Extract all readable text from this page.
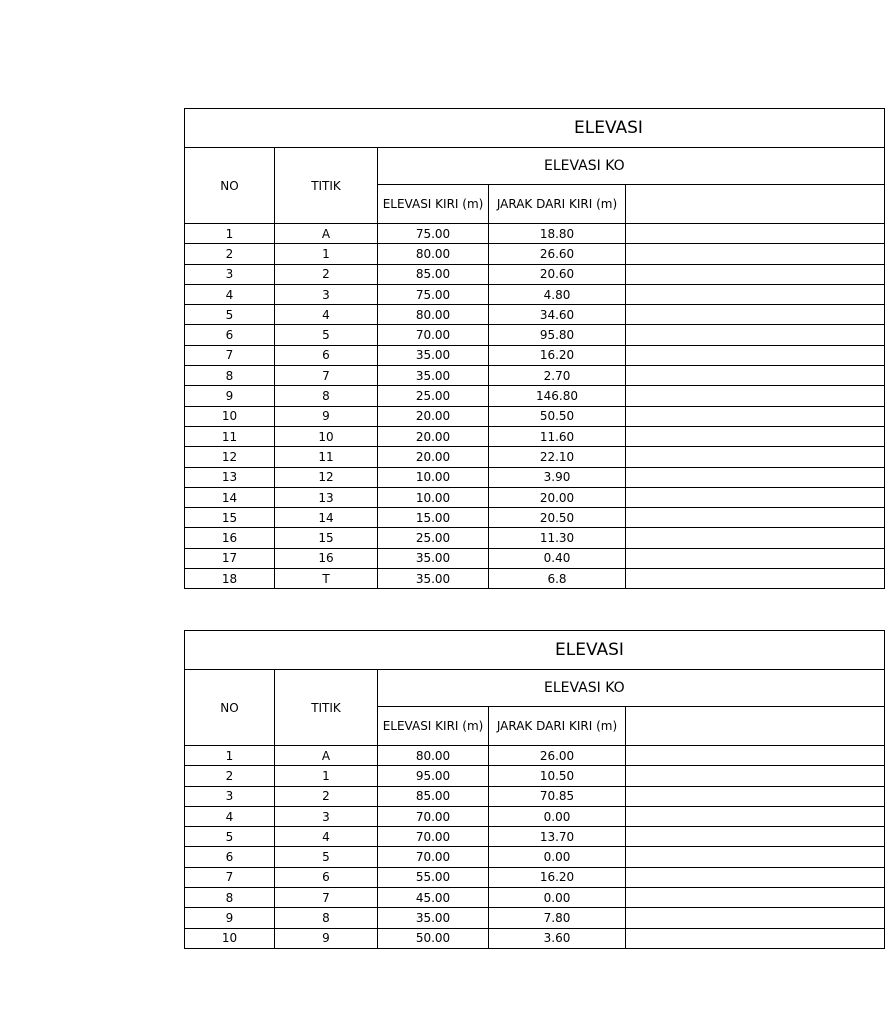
ELEVASI				
NO	TITIK	ELEVASI KO		
		ELEVASI KIRI (m)	JARAK DARI KIRI (m)	
1	A	75.00	18.80	
2	1	80.00	26.60	
3	2	85.00	20.60	
4	3	75.00	4.80	
5	4	80.00	34.60	
6	5	70.00	95.80	
7	6	35.00	16.20	
8	7	35.00	2.70	
9	8	25.00	146.80	
10	9	20.00	50.50	
11	10	20.00	11.60	
12	11	20.00	22.10	
13	12	10.00	3.90	
14	13	10.00	20.00	
15	14	15.00	20.50	
16	15	25.00	11.30	
17	16	35.00	0.40	
18	T	35.00	6.8	
ELEVASI				
NO	TITIK	ELEVASI KO		
		ELEVASI KIRI (m)	JARAK DARI KIRI (m)	
1	A	80.00	26.00	
2	1	95.00	10.50	
3	2	85.00	70.85	
4	3	70.00	0.00	
5	4	70.00	13.70	
6	5	70.00	0.00	
7	6	55.00	16.20	
8	7	45.00	0.00	
9	8	35.00	7.80	
10	9	50.00	3.60	
